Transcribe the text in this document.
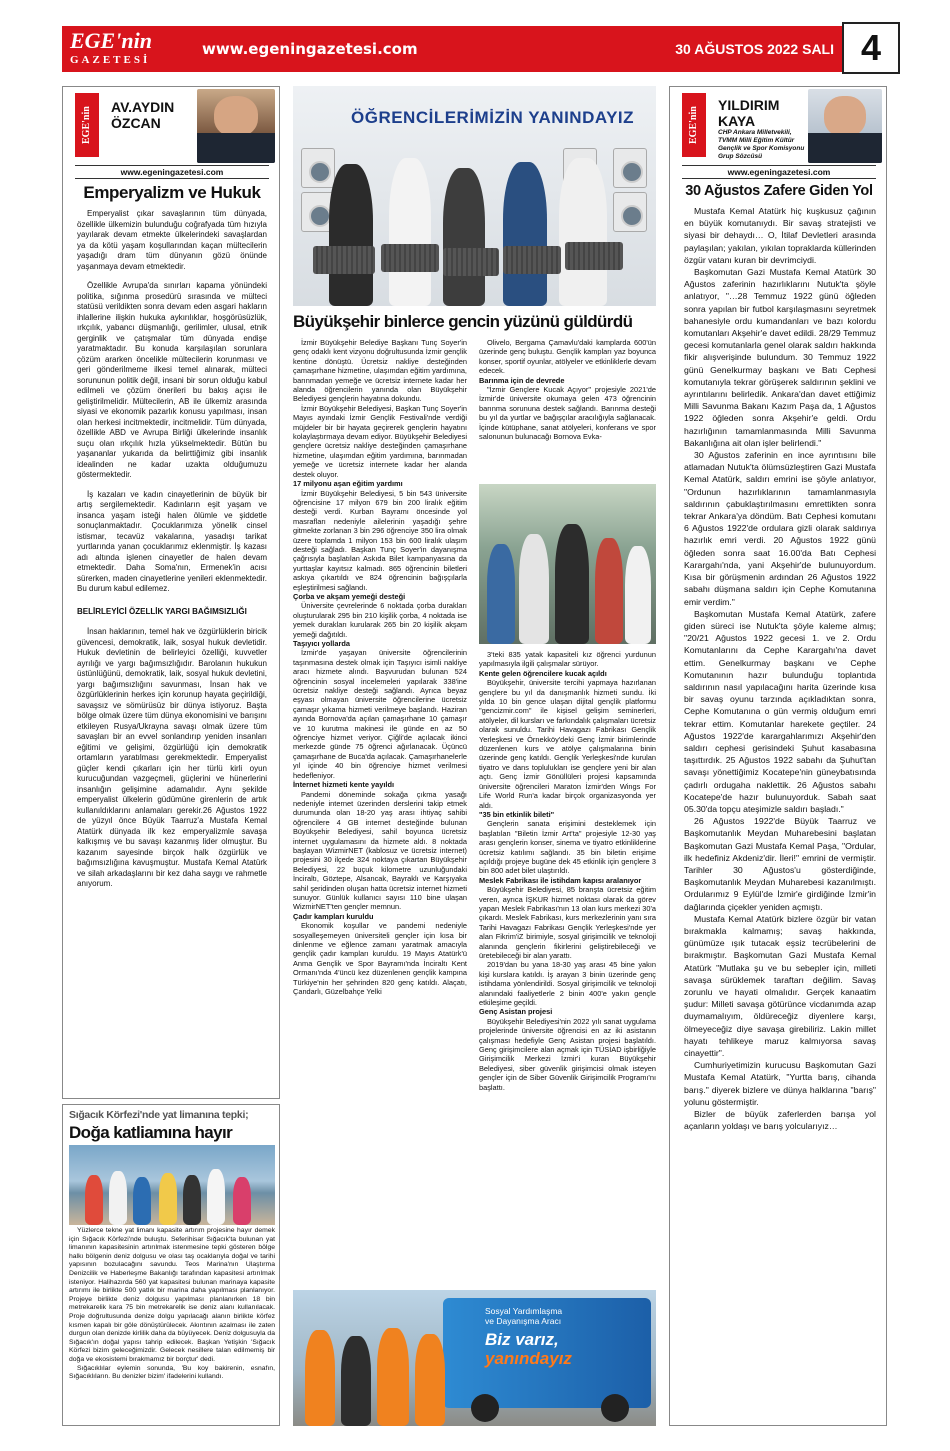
EGE'nin
GAZETESİ
www.egeningazetesi.com	30 AĞUSTOS 2022 SALI 4
EGE'nin GAZETESİ
AV.AYDIN
ÖZCAN
www.egeningazetesi.com
Emperyalizm ve Hukuk

Emperyalist çıkar savaşlarının tüm dünyada, özellikle ülkemizin bulunduğu coğrafyada tüm hızıyla yayılarak devam etmekte ülkelerindeki savaşlardan ya da kötü yaşam koşullarından kaçan mültecilerin yaşadığı dram tüm dünyanın gözü önünde yaşanmaya devam etmektedir.

Özellikle Avrupa'da sınırları kapama yönündeki politika, sığınma prosedürü sırasında ve mülteci statüsü verildikten sonra devam eden asgari hakların ihlallerine ilişkin hukuka aykırılıklar, hoşgörüsüzlük, ırkçılık, yabancı düşmanlığı, gerilimler, ulusal, etnik gerginlik ve çatışmalar tüm dünyada endişe yaratmaktadır. Bu konuda karşılaşılan sorunlara çözüm ararken öncelikle mültecilerin korunması ve geri gönderilmeme ilkesi temel alınarak, mülteci sorununun politik değil, insani bir sorun olduğu kabul edilmeli ve çözüm önerileri bu bakış açısı ile geliştirilmelidir. Mültecilerin, AB ile ülkemiz arasında siyasi ve ekonomik pazarlık konusu yapılması, insan olan herkesi incitmektedir, incitmelidir. Tüm dünyada, özellikle ABD ve Avrupa Birliği ülkelerinde insanlık suçu olan ırkçılık hızla yükselmektedir. Bütün bu yaşananlar yukarıda da belirttiğimiz gibi insanlık idealinden ne kadar uzakta olduğumuzu göstermektedir.

İş kazaları ve kadın cinayetlerinin de büyük bir artış sergilemektedir. Kadınların eşit yaşam ve insanca yaşam isteği halen ölümle ve şiddetle sonuçlanmaktadır. Çocuklarımıza yönelik cinsel istismar, tecavüz vakalarına, yasadışı tarikat yurtlarında yanan çocuklarımız eklenmiştir. İş kazası adı altında işlenen cinayetler de halen devam etmektedir. Daha Soma'nın, Ermenek'in acısı sürerken, maden cinayetlerine yenileri eklenmektedir. Bu durum kabul edilemez.

BELİRLEYİCİ ÖZELLİK YARGI BAĞIMSIZLIĞI

İnsan haklarının, temel hak ve özgürlüklerin biricik güvencesi, demokratik, laik, sosyal hukuk devletidir. Hukuk devletinin de belirleyici özelliği, kuvvetler ayrılığı ve yargı bağımsızlığıdır. Barolanın hukukun üstünlüğünü, demokratik, laik, sosyal hukuk devletini, yargı bağımsızlığını savunması, İnsan hak ve özgürlüklerinin herkes için korunup hayata geçirildiği, savaşsız ve sömürüsüz bir dünya istiyoruz. Başta bölge olmak üzere tüm dünya ekonomisini ve barışını etkileyen Rusya/Ukrayna savaşı olmak üzere tüm savaşları bir an evvel sonlandırıp yeniden insanları eğitimi ve gelişimi, özgürlüğü için demokratik ortamların yaratılması gerekmektedir. Emperyalist güçler kendi çıkarları için her türlü kirli oyun kurucuğundan vazgeçmeli, güçlerini ve hünerlerini insanlığın gelişimine adamalıdır. Aynı şekilde emperyalist ülkelerin güdümüne girenlerin de artık kullanıldıklarını anlamaları gerekir.26 Ağustos 1922 de yüzyıl önce Büyük Taarruz'a Mustafa Kemal Atatürk dünyada ilk kez emperyalizmle savaşa kalkışmış ve bu savaşı kazanmış lider olmuştur. Bu kazanım sayesinde birçok halk özgürlük ve bağımsızlığına kavuşmuştur. Mustafa Kemal Atatürk ve silah arkadaşlarını bir kez daha saygı ve rahmetle anıyorum.

Sığacık Körfezi'nde yat limanına tepki;
Doğa katliamına hayır

Yüzlerce tekne yat limanı kapasite artırım projesine hayır demek için Sığacık Körfezi'nde buluştu. Seferihisar Sığacık'ta bulunan yat limanının kapasitesinin artırılmak istenmesine tepki gösteren bölge halkı bölgenin deniz dolgusu ve olası taş ocaklarıyla doğal ve tarihi yapısının bozulacağını savundu. Teos Marina'nın Ulaştırma Denizcilik ve Haberleşme Bakanlığı tarafından kapasitesi artırılmak isteniyor. Halihazırda 560 yat kapasitesi bulunan marinaya kapasite artırımı ile birlikte 500 yatlık bir marina daha yapılması planlanıyor. Projeye birlikte deniz dolgusu yapılması planlanırken 18 bin metrekarelik kara 75 bin metrekarelik ise deniz alanı kullanılacak. Proje doğrultusunda denize dolgu yapılacağı alanın birlikte körfez kısmen kapalı bir göle dönüştürülecek. Akıntının azalması ile zaten durgun olan denizde kirlilik daha da büyüyecek. Deniz dolgusuyla da Sığacık'ın doğal yapısı tahrip edilecek. Başkan Yetişkin 'Sığacık Körfezi bizim geleceğimizdir. Gelecek nesillere talan edilmemiş bir doğa ve ekosistemi bırakmamız bir borçtur' dedi.

Sığacıklılar eylemin sonunda, 'Bu koy bakirenin, esnafın, Sığacıklıların. Bu denizler bizim' ifadelerini kullandı.

ÖĞRENCİLERİMİZİN YANINDAYIZ
Büyükşehir binlerce gencin yüzünü güldürdü

İzmir Büyükşehir Belediye Başkanı Tunç Soyer'in genç odaklı kent vizyonu doğrultusunda İzmir gençlik kentine dönüştü. Ücretsiz nakliye desteğinden çamaşırhane hizmetine, ulaşımdan eğitim yardımına, barınmadan yemeğe ve ücretsiz internete kadar her alanda öğrencilerin yanında olan Büyükşehir Belediyesi gençlerin hayatına dokundu.

İzmir Büyükşehir Belediyesi, Başkan Tunç Soyer'in Mayıs ayındaki İzmir Gençlik Festivali'nde verdiği müjdeler bir bir hayata geçirerek gençlerin hayatını kolaylaştırmaya devam ediyor. Büyükşehir Belediyesi gençlere ücretsiz nakliye desteğinden çamaşırhane hizmetine, ulaşımdan eğitim yardımına, barınmadan yemeğe ve ücretsiz internete kadar her alanda destek oluyor.

17 milyonu aşan eğitim yardımı

İzmir Büyükşehir Belediyesi, 5 bin 543 üniversite öğrencisine 17 milyon 679 bin 200 liralık eğitim desteği verdi. Kurban Bayramı öncesinde yol masrafları nedeniyle ailelerinin yaşadığı şehre gitmekte zorlanan 3 bin 296 öğrenciye 350 lira olmak üzere toplamda 1 milyon 153 bin 600 liralık ulaşım desteği sağladı. Başkan Tunç Soyer'in dayanışma çağrısıyla başlatılan Askıda Bilet kampanyasına da yurttaşlar kayıtsız kalmadı. 865 öğrencinin biletleri askıya çıkartıldı ve 824 öğrencinin bağışçılarla eşleştirilmesi sağlandı.

Çorba ve akşam yemeği desteği

Üniversite çevrelerinde 6 noktada çorba durakları oluşturularak 295 bin 210 kişilik çorba, 4 noktada ise yemek durakları kurularak 265 bin 20 kişilik akşam yemeği dağıtıldı.

Taşıyıcı yollarda

İzmir'de yaşayan üniversite öğrencilerinin taşınmasına destek olmak için Taşıyıcı isimli nakliye aracı hizmete alındı. Başvurudan bulunan 524 öğrencinin sosyal incelemeleri yapılarak 338'ine ücretsiz nakliye desteği sağlandı. Ayrıca beyaz eşyası olmayan üniversite öğrencilerine ücretsiz çamaşır yıkama hizmeti verilmeye başlandı. Haziran ayında Bornova'da açılan çamaşırhane 10 çamaşır ve 10 kurutma makinesi ile günde en az 50 öğrenciye hizmet veriyor. Çiğli'de açılacak ikinci merkezde günde 75 öğrenci ağırlanacak. Üçüncü çamaşırhane de Buca'da açılacak. Çamaşırhanelerle yıl içinde 40 bin öğrenciye hizmet verilmesi hedefleniyor.

İnternet hizmeti kente yayıldı

Pandemi döneminde sokağa çıkma yasağı nedeniyle internet üzerinden derslerini takip etmek durumunda olan 18-20 yaş arası ihtiyaç sahibi öğrencilere 4 GB internet desteğinde bulunan Büyükşehir Belediyesi, sahil boyunca ücretsiz internet uygulamasını da hizmete aldı. 8 noktada başlayan WizmirNET (kablosuz ve ücretsiz internet) projesini 30 ilçede 324 noktaya çıkartan Büyükşehir Belediyesi, 22 buçuk kilometre uzunluğundaki İnciraltı, Göztepe, Alsancak, Bayraklı ve Karşıyaka sahil şeridinden oluşan hatta ücretsiz internet hizmeti sunuyor. Günlük kullanıcı sayısı 110 bine ulaşan WizmirNET'ten gençler memnun.

Çadır kampları kuruldu

Ekonomik koşullar ve pandemi nedeniyle sosyalleşemeyen üniversiteli gençler için kısa bir dinlenme ve eğlence zamanı yaratmak amacıyla gençlik çadır kampları kuruldu. 19 Mayıs Atatürk'ü Anma Gençlik ve Spor Bayramı'nda İnciraltı Kent Ormanı'nda 4'üncü kez düzenlenen gençlik kampına Türkiye'nin her şehrinden 820 genç katıldı. Alaçatı, Çandarlı, Güzelbahçe Yelki

Olivelo, Bergama Çamavlu'daki kamplarda 600'ün üzerinde genç buluştu. Gençlik kampları yaz boyunca konser, sportif oyunlar, atölyeler ve etkinliklerle devam edecek.

Barınma için de devrede

"İzmir Gençlere Kucak Açıyor" projesiyle 2021'de İzmir'de üniversite okumaya gelen 473 öğrencinin barınma sorununa destek sağlandı. Barınma desteği bu yıl da yurtlar ve bağışçılar aracılığıyla sağlanacak. İçinde kütüphane, sanat atölyeleri, konferans ve spor salonunun bulunacağı Bornova Evka-

3'teki 835 yatak kapasiteli kız öğrenci yurdunun yapılmasıyla ilgili çalışmalar sürüyor.

Kente gelen öğrencilere kucak açıldı

Büyükşehir, üniversite tercihi yapmaya hazırlanan gençlere bu yıl da danışmanlık hizmeti sundu. İki yılda 10 bin gence ulaşan dijital gençlik platformu "gencizmir.com" ile kişisel gelişim seminerleri, atölyeler, dil kursları ve farkındalık çalışmaları ücretsiz olarak sunuldu. Tarihi Havagazı Fabrikası Gençlik Yerleşkesi ve Örnekköy'deki Genç İzmir birimlerinde düzenlenen kurs ve atölye çalışmalarına binin üzerinde genç katıldı. Gençlik Yerleşkesi'nde kurulan tiyatro ve dans toplulukları ise gençlere yeni bir alan açtı. Genç İzmir Gönüllüleri projesi kapsamında üniversite öğrencileri Maraton İzmir'den Wings For Life World Run'a kadar birçok organizasyonda yer aldı.

"35 bin etkinlik bileti"

Gençlerin sanata erişimini desteklemek için başlatılan "Biletin İzmir Art'ta" projesiyle 12-30 yaş arası gençlerin konser, sinema ve tiyatro etkinliklerine ücretsiz katılımı sağlandı. 35 bin biletin erişime açıldığı projeye bugüne dek 45 etkinlik için gençlere 3 bin 800 adet bilet ulaştırıldı.

Meslek Fabrikası ile istihdam kapısı aralanıyor

Büyükşehir Belediyesi, 85 branşta ücretsiz eğitim veren, ayrıca İŞKUR hizmet noktası olarak da görev yapan Meslek Fabrikası'nın 13 olan kurs merkezi 30'a çıkardı. Meslek Fabrikası, kurs merkezlerinin yanı sıra Tarihi Havagazı Fabrikası Gençlik Yerleşkesi'nde yer alan Fikrim'iZ birimiyle, sosyal girişimcilik ve teknoloji alanında gençlerin fikirlerini geliştirebileceği ve üretebileceği bir alan yarattı.

2019'dan bu yana 18-30 yaş arası 45 bine yakın kişi kurslara katıldı. İş arayan 3 binin üzerinde genç istihdama yönlendirildi. Sosyal girişimcilik ve teknoloji alanındaki faaliyetlerle 2 binin 400'e yakın gençle etkileşime geçildi.

Genç Asistan projesi

Büyükşehir Belediyesi'nin 2022 yılı sanat uygulama projelerinde üniversite öğrencisi en az iki asistanın çalışması hedefiyle Genç Asistan projesi başlatıldı. Genç girişimcilere alan açmak için TÜSİAD işbirliğiyle Girişimcilik Merkezi İzmir'i kuran Büyükşehir Belediyesi, siber güvenlik girişimcisi olmak isteyen gençler için de Siber Güvenlik Girişimcilik Programı'nı başlattı.

Sosyal Yardımlaşma
ve Dayanışma Aracı
Biz varız,
yanındayız
EGE'nin GAZETESİ
YILDIRIM
KAYA
CHP Ankara Milletvekili, TVMM Milli Eğitim Kültür Gençlik ve Spor Komisyonu Grup Sözcüsü
www.egeningazetesi.com
30 Ağustos Zafere Giden Yol

Mustafa Kemal Atatürk hiç kuşkusuz çağının en büyük komutanıydı. Bir savaş stratejisti ve siyasi bir dehaydı… O, İtilaf Devletleri arasında paylaşılan; yakılan, yıkılan topraklarda küllerinden özgür vatanı kuran bir devrimciydi.

Başkomutan Gazi Mustafa Kemal Atatürk 30 Ağustos zaferinin hazırlıklarını Nutuk'ta şöyle anlatıyor, "…28 Temmuz 1922 günü öğleden sonra yapılan bir futbol karşılaşmasını seyretmek bahanesiyle ordu kumandanları ve bazı kolordu komutanları Akşehir'e davet edildi. 28/29 Temmuz gecesi komutanlarla genel olarak saldırı hakkında fikir alışverişinde bulundum. 30 Temmuz 1922 günü Genelkurmay başkanı ve Batı Cephesi komutanıyla tekrar görüşerek saldırının şeklini ve ayrıntılarını belirledik. Ankara'dan davet ettiğimiz Milli Savunma Bakanı Kazım Paşa da, 1 Ağustos 1922 öğleden sonra Akşehir'e geldi. Ordu hazırlığının tamamlanmasında Milli Savunma Bakanlığına ait olan işler belirlendi."

30 Ağustos zaferinin en ince ayrıntısını bile atlamadan Nutuk'ta ölümsüzleştiren Gazi Mustafa Kemal Atatürk, saldırı emrini ise şöyle anlatıyor, "Ordunun hazırlıklarının tamamlanmasıyla saldırının çabuklaştırılmasını emrettikten sonra tekrar Ankara'ya döndüm. Batı Cephesi komutanı 6 Ağustos 1922'de ordulara gizli olarak saldırıya hazırlık emri verdi. 20 Ağustos 1922 günü öğleden sonra saat 16.00'da Batı Cephesi Karargahı'nda, yani Akşehir'de bulunuyordum. Kısa bir görüşmenin ardından 26 Ağustos 1922 sabahı düşmana saldırı için Cephe Komutanına emir verdim."

Başkomutan Mustafa Kemal Atatürk, zafere giden süreci ise Nutuk'ta şöyle kaleme almış; "20/21 Ağustos 1922 gecesi 1. ve 2. Ordu Komutanlarını da Cephe Karargahı'na davet ettim. Genelkurmay başkanı ve Cephe Komutanının hazır bulunduğu toplantıda saldırının nasıl yapılacağını harita üzerinde kısa bir savaş oyunu tarzında açıkladıktan sonra, Cephe Komutanına o gün vermiş olduğum emri tekrar ettim. Komutanlar harekete geçtiler. 24 Ağustos 1922'de karargahlarımızı Akşehir'den saldırı cephesi gerisindeki Şuhut kasabasına taşıttırdık. 25 Ağustos 1922 sabahı da Şuhut'tan savaşı yönettiğimiz Kocatepe'nin güneybatısında çadırlı ordugaha naklettik. 26 Ağustos sabahı Kocatepe'de hazır bulunuyorduk. Sabah saat 05.30'da topçu ateşimizle saldırı başladı."

26 Ağustos 1922'de Büyük Taarruz ve Başkomutanlık Meydan Muharebesini başlatan Başkomutan Gazi Mustafa Kemal Paşa, "Ordular, ilk hedefiniz Akdeniz'dir. İleri!" emrini de vermiştir. Tarihler 30 Ağustos'u gösterdiğinde, Başkomutanlık Meydan Muharebesi kazanılmıştı. Ordularımız 9 Eylül'de İzmir'e girdiğinde İzmir'in dağlarında çiçekler yeniden açmıştı.

Mustafa Kemal Atatürk bizlere özgür bir vatan bırakmakla kalmamış; savaş hakkında, günümüze ışık tutacak eşsiz tecrübelerini de bırakmıştır. Başkomutan Gazi Mustafa Kemal Atatürk "Mutlaka şu ve bu sebepler için, milleti savaşa sürüklemek taraftarı değilim. Savaş zorunlu ve hayati olmalıdır. Gerçek kanaatim şudur: Milleti savaşa götürünce vicdanımda azap duymamalıyım, öldüreceğiz diyenlere karşı, ölmeyeceğiz diye savaşa girebiliriz. Lakin millet hayatı tehlikeye maruz kalmıyorsa savaş cinayettir".

Cumhuriyetimizin kurucusu Başkomutan Gazi Mustafa Kemal Atatürk, "Yurtta barış, cihanda barış." diyerek bizlere ve dünya halklarına "barış" yolunu göstermiştir.

Bizler de büyük zaferlerden barışa yol açanların yoldaşı ve barış yolcularıyız…
